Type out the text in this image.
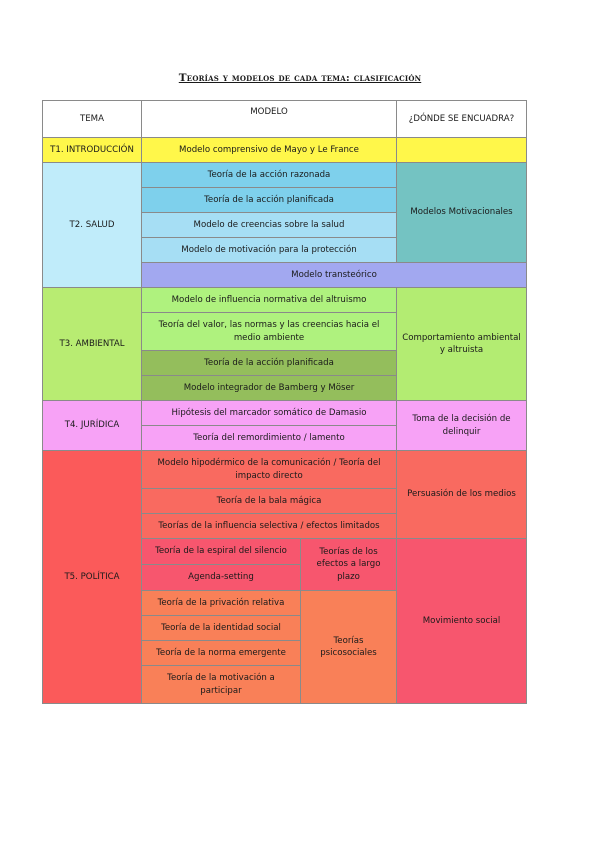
Teorías y modelos de cada tema: clasificación
TEMA	MODELO		¿DÓNDE SE ENCUADRA?
T1. INTRODUCCIÓN	Modelo comprensivo de Mayo y Le France		
T2. SALUD	Teoría de la acción razonada		Modelos Motivacionales
	Teoría de la acción planificada		
	Modelo de creencias sobre la salud		
	Modelo de motivación para la protección		
	Modelo transteórico		
T3. AMBIENTAL	Modelo de influencia normativa del altruismo		Comportamiento ambiental y altruista
	Teoría del valor, las normas y las creencias hacia el medio ambiente		
	Teoría de la acción planificada		
	Modelo integrador de Bamberg y Möser		
T4. JURÍDICA	Hipótesis del marcador somático de Damasio		Toma de la decisión de delinquir
	Teoría del remordimiento / lamento		
T5. POLÍTICA	Modelo hipodérmico de la comunicación / Teoría del impacto directo		Persuasión de los medios
	Teoría de la bala mágica		
	Teorías de la influencia selectiva / efectos limitados		
	Teoría de la espiral del silencio	Teorías de los efectos a largo plazo	Movimiento social
	Agenda-setting		
	Teoría de la privación relativa	Teorías psicosociales	
	Teoría de la identidad social		
	Teoría de la norma emergente		
	Teoría de la motivación a participar		
